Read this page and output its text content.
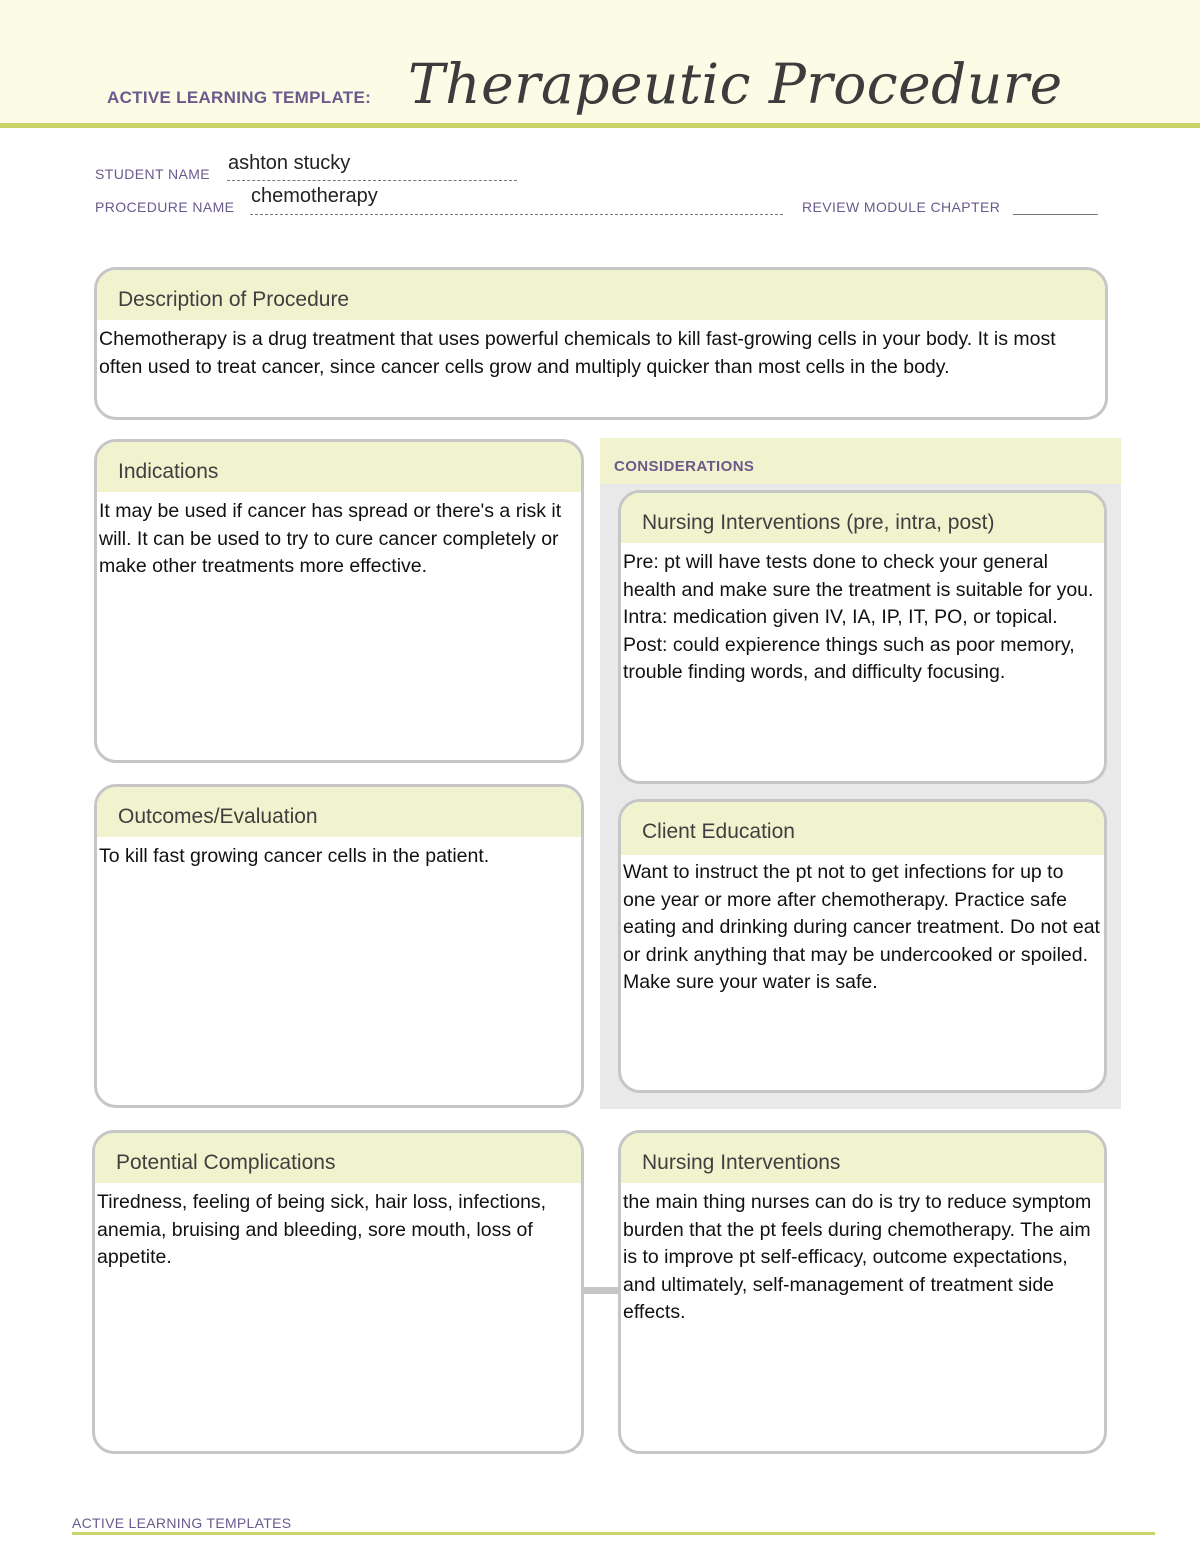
ACTIVE LEARNING TEMPLATE: Therapeutic Procedure
STUDENT NAME ashton stucky
PROCEDURE NAME chemotherapy	REVIEW MODULE CHAPTER
Description of Procedure
Chemotherapy is a drug treatment that uses powerful chemicals to kill fast-growing cells in your body. It is most often used to treat cancer, since cancer cells grow and multiply quicker than most cells in the body.
Indications
It may be used if cancer has spread or there's a risk it will. It can be used to try to cure cancer completely or make other treatments more effective.
Outcomes/Evaluation
To kill fast growing cancer cells in the patient.
CONSIDERATIONS
Nursing Interventions (pre, intra, post)
Pre: pt will have tests done to check your general health and make sure the treatment is suitable for you.
Intra: medication given IV, IA, IP, IT, PO, or topical.
Post: could expierence things such as poor memory, trouble finding words, and difficulty focusing.
Client Education
Want to instruct the pt not to get infections for up to one year or more after chemotherapy. Practice safe eating and drinking during cancer treatment. Do not eat or drink anything that may be undercooked or spoiled. Make sure your water is safe.
Potential Complications
Tiredness, feeling of being sick, hair loss, infections, anemia, bruising and bleeding, sore mouth, loss of appetite.
Nursing Interventions
the main thing nurses can do is try to reduce symptom burden that the pt feels during chemotherapy. The aim is to improve pt self-efficacy, outcome expectations, and ultimately, self-management of treatment side effects.
ACTIVE LEARNING TEMPLATES
